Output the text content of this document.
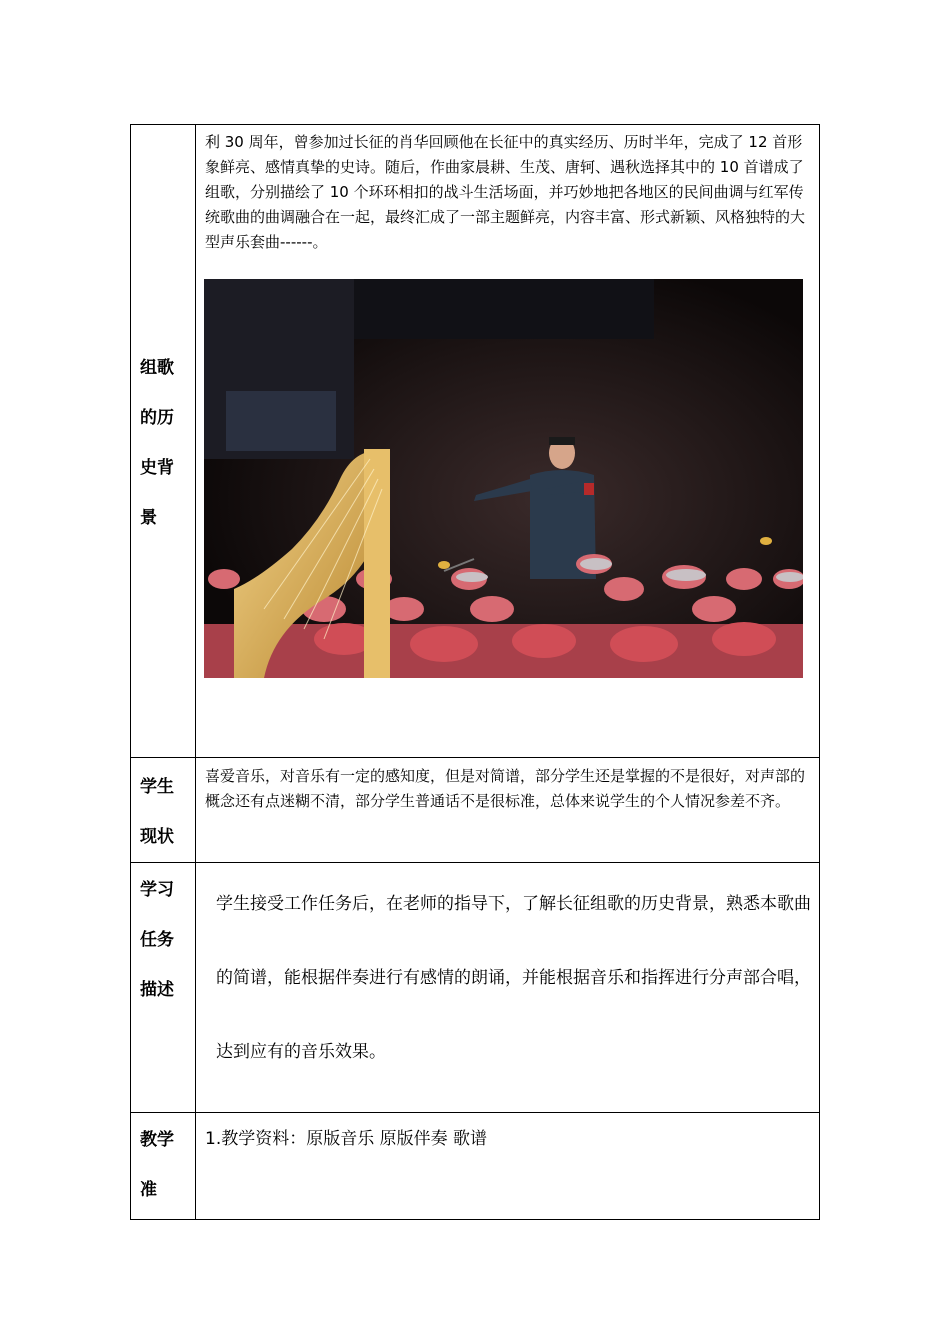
组歌的历史背景	利 30 周年，曾参加过长征的肖华回顾他在长征中的真实经历、历时半年，完成了 12 首形象鲜亮、感情真挚的史诗。随后，作曲家晨耕、生茂、唐轲、遇秋选择其中的 10 首谱成了组歌，分别描绘了 10 个环环相扣的战斗生活场面，并巧妙地把各地区的民间曲调与红军传统歌曲的曲调融合在一起，最终汇成了一部主题鲜亮，内容丰富、形式新颖、风格独特的大型声乐套曲------。

学生现状	喜爱音乐，对音乐有一定的感知度，但是对简谱，部分学生还是掌握的不是很好，对声部的概念还有点迷糊不清，部分学生普通话不是很标准，总体来说学生的个人情况参差不齐。

学习任务描述	学生接受工作任务后，在老师的指导下，了解长征组歌的历史背景，熟悉本歌曲的简谱，能根据伴奏进行有感情的朗诵，并能根据音乐和指挥进行分声部合唱，达到应有的音乐效果。

教学准	1.教学资料：原版音乐 原版伴奏 歌谱
